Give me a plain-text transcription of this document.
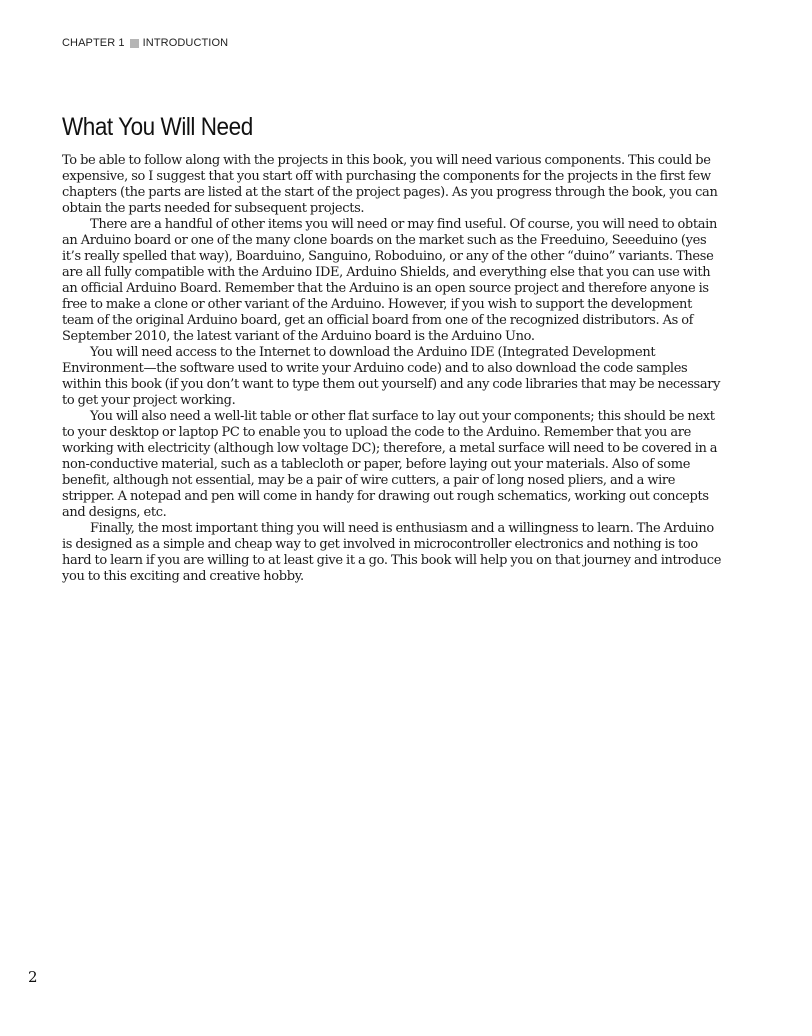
CHAPTER 1 INTRODUCTION
What You Will Need

To be able to follow along with the projects in this book, you will need various components. This could be expensive, so I suggest that you start off with purchasing the components for the projects in the first few chapters (the parts are listed at the start of the project pages). As you progress through the book, you can obtain the parts needed for subsequent projects.

There are a handful of other items you will need or may find useful. Of course, you will need to obtain an Arduino board or one of the many clone boards on the market such as the Freeduino, Seeeduino (yes it’s really spelled that way), Boarduino, Sanguino, Roboduino, or any of the other “duino” variants. These are all fully compatible with the Arduino IDE, Arduino Shields, and everything else that you can use with an official Arduino Board. Remember that the Arduino is an open source project and therefore anyone is free to make a clone or other variant of the Arduino. However, if you wish to support the development team of the original Arduino board, get an official board from one of the recognized distributors. As of September 2010, the latest variant of the Arduino board is the Arduino Uno.

You will need access to the Internet to download the Arduino IDE (Integrated Development Environment—the software used to write your Arduino code) and to also download the code samples within this book (if you don’t want to type them out yourself) and any code libraries that may be necessary to get your project working.

You will also need a well-lit table or other flat surface to lay out your components; this should be next to your desktop or laptop PC to enable you to upload the code to the Arduino. Remember that you are working with electricity (although low voltage DC); therefore, a metal surface will need to be covered in a non-conductive material, such as a tablecloth or paper, before laying out your materials. Also of some benefit, although not essential, may be a pair of wire cutters, a pair of long nosed pliers, and a wire stripper. A notepad and pen will come in handy for drawing out rough schematics, working out concepts and designs, etc.

Finally, the most important thing you will need is enthusiasm and a willingness to learn. The Arduino is designed as a simple and cheap way to get involved in microcontroller electronics and nothing is too hard to learn if you are willing to at least give it a go. This book will help you on that journey and introduce you to this exciting and creative hobby.

2
